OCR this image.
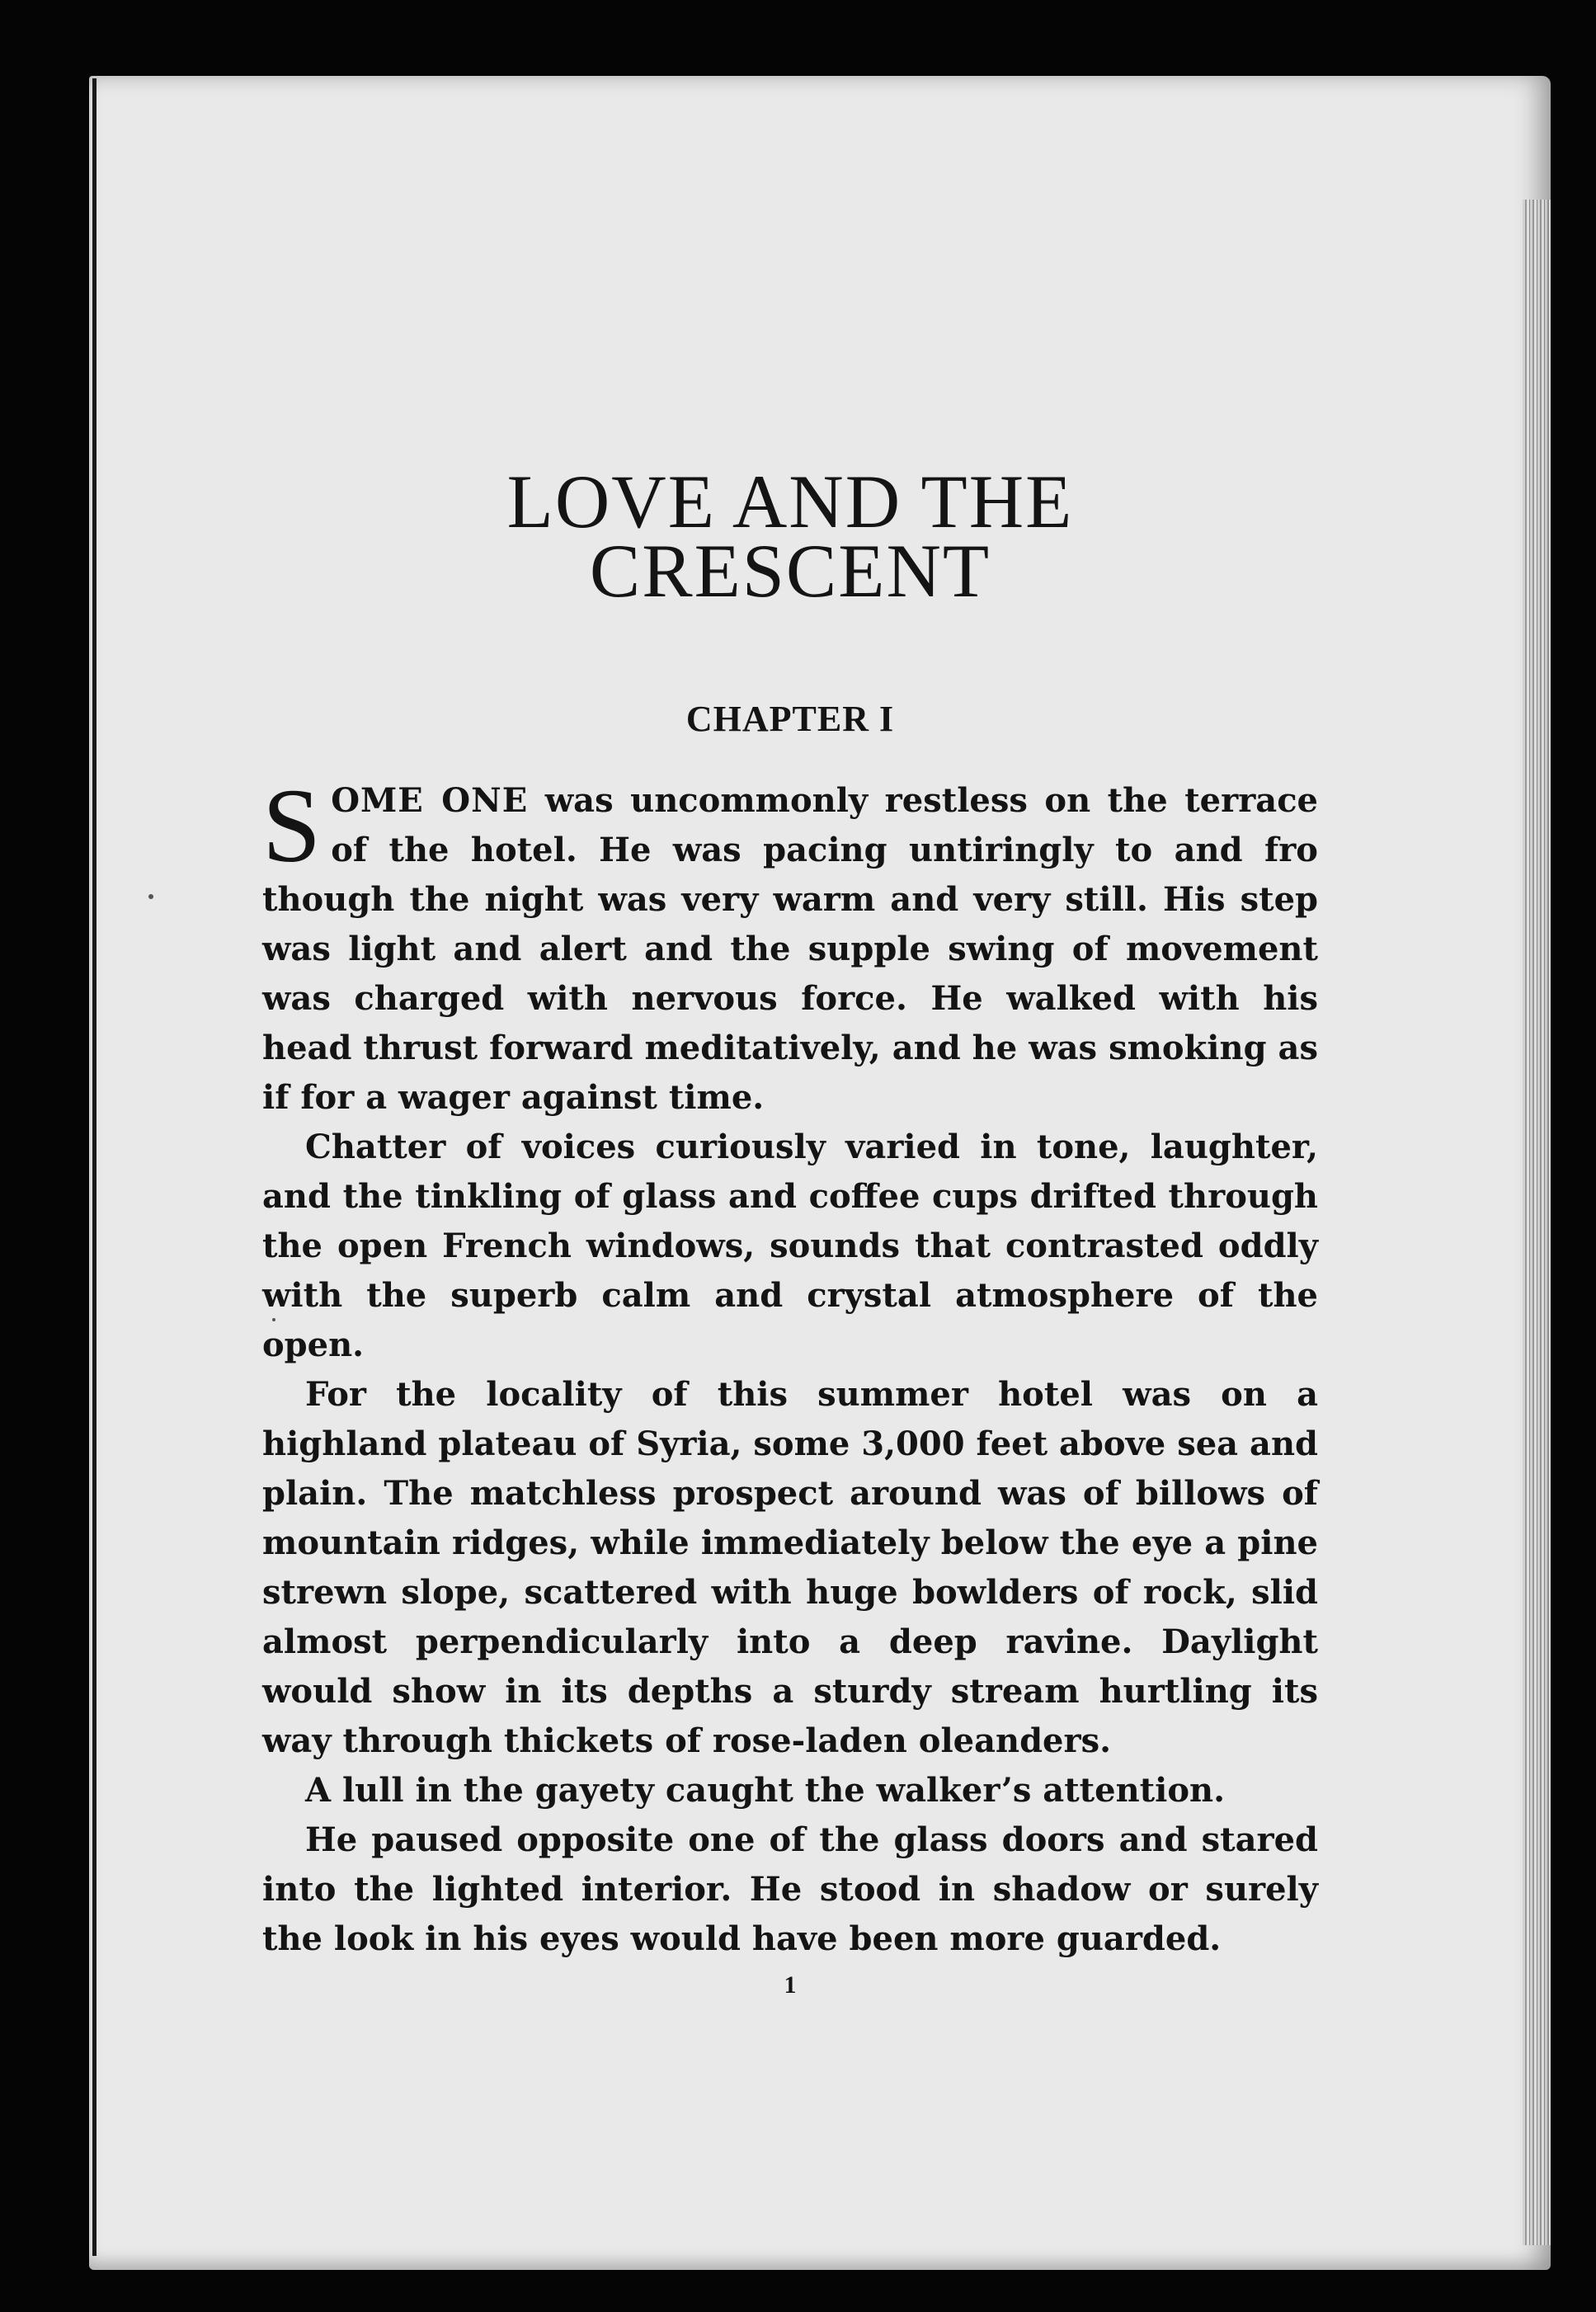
LOVE AND THE
CRESCENT
CHAPTER I

SOME ONE was uncommonly restless on the terrace of the hotel. He was pacing untiringly to and fro though the night was very warm and very still. His step was light and alert and the supple swing of movement was charged with nervous force. He walked with his head thrust forward meditatively, and he was smoking as if for a wager against time.

Chatter of voices curiously varied in tone, laughter, and the tinkling of glass and coffee cups drifted through the open French windows, sounds that contrasted oddly with the superb calm and crystal atmosphere of the open.

For the locality of this summer hotel was on a highland plateau of Syria, some 3,000 feet above sea and plain. The matchless prospect around was of billows of mountain ridges, while immediately below the eye a pine strewn slope, scattered with huge bowlders of rock, slid almost perpendicularly into a deep ravine. Daylight would show in its depths a sturdy stream hurtling its way through thickets of rose-laden oleanders.

A lull in the gayety caught the walker’s attention.

He paused opposite one of the glass doors and stared into the lighted interior. He stood in shadow or surely the look in his eyes would have been more guarded.

1
